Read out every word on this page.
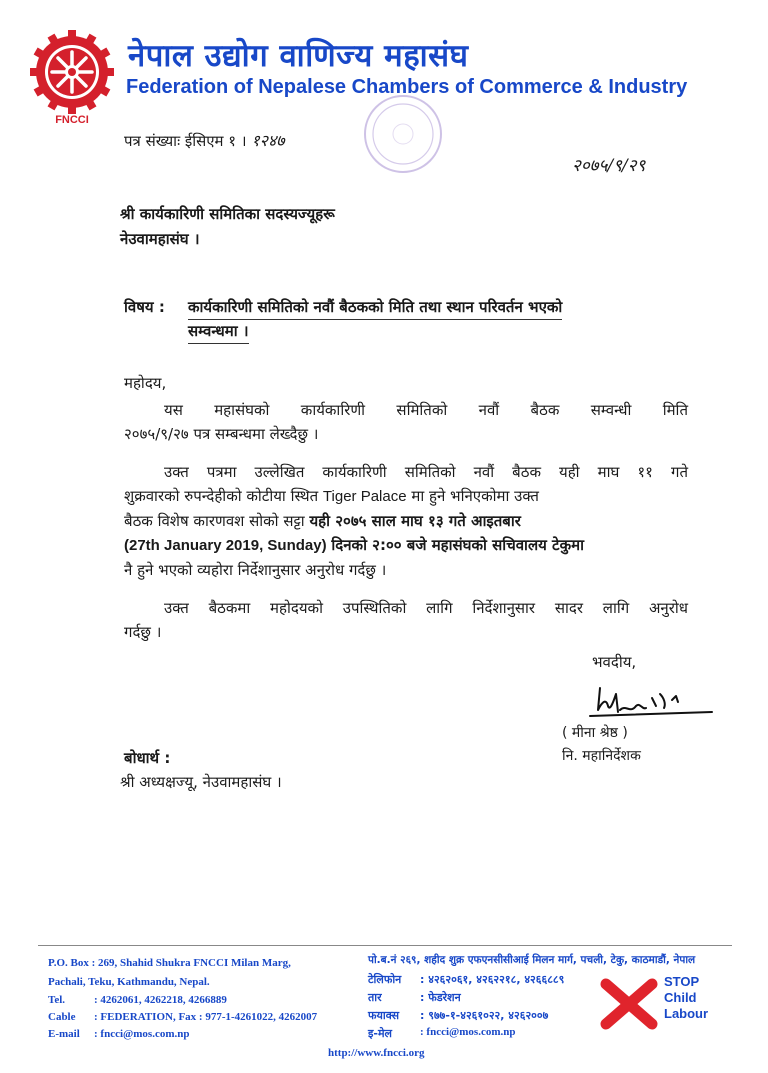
FNCCI
नेपाल उद्योग वाणिज्य महासंघ
Federation of Nepalese Chambers of Commerce & Industry
पत्र संख्याः ईसिएम १ । १२४७
२०७५/९/२९
श्री कार्यकारिणी समितिका सदस्यज्यूहरू
नेउवामहासंघ ।
विषय : कार्यकारिणी समितिको नवौं बैठकको मिति तथा स्थान परिवर्तन भएको
सम्वन्धमा ।
महोदय,
यस महासंघको कार्यकारिणी समितिको नवौं बैठक सम्वन्धी मिति
२०७५/९/२७ पत्र सम्बन्धमा लेख्दैछु ।
उक्त पत्रमा उल्लेखित कार्यकारिणी समितिको नवौं बैठक यही माघ ११ गते
शुक्रवारको रुपन्देहीको कोटीया स्थित Tiger Palace मा हुने भनिएकोमा उक्त
बैठक विशेष कारणवश सोको सट्टा यही २०७५ साल माघ १३ गते आइतबार
(27th January 2019, Sunday) दिनको २:०० बजे महासंघको सचिवालय टेकुमा
नै हुने भएको व्यहोरा निर्देशानुसार अनुरोध गर्दछु ।
उक्त बैठकमा महोदयको उपस्थितिको लागि निर्देशानुसार सादर लागि अनुरोध
गर्दछु ।
भवदीय,
( मीना श्रेष्ठ )
नि. महानिर्देशक
बोधार्थ :
श्री अध्यक्षज्यू, नेउवामहासंघ ।
P.O. Box : 269, Shahid Shukra FNCCI Milan Marg,
Pachali, Teku, Kathmandu, Nepal.
Tel.	: 4262061, 4262218, 4266889
Cable : FEDERATION, Fax : 977-1-4261022, 4262007
E-mail : fncci@mos.com.np
पो.ब.नं २६९, शहीद शुक्र एफएनसीसीआई मिलन मार्ग, पचली, टेकु, काठमाडौं, नेपाल
टेलिफोन : ४२६२०६१, ४२६२२१८, ४२६६८८९
तार	: फेडरेशन
फयाक्स : ९७७-१-४२६१०२२, ४२६२००७
इ-मेल	: fncci@mos.com.np
STOP
Child
Labour
http://www.fncci.org
